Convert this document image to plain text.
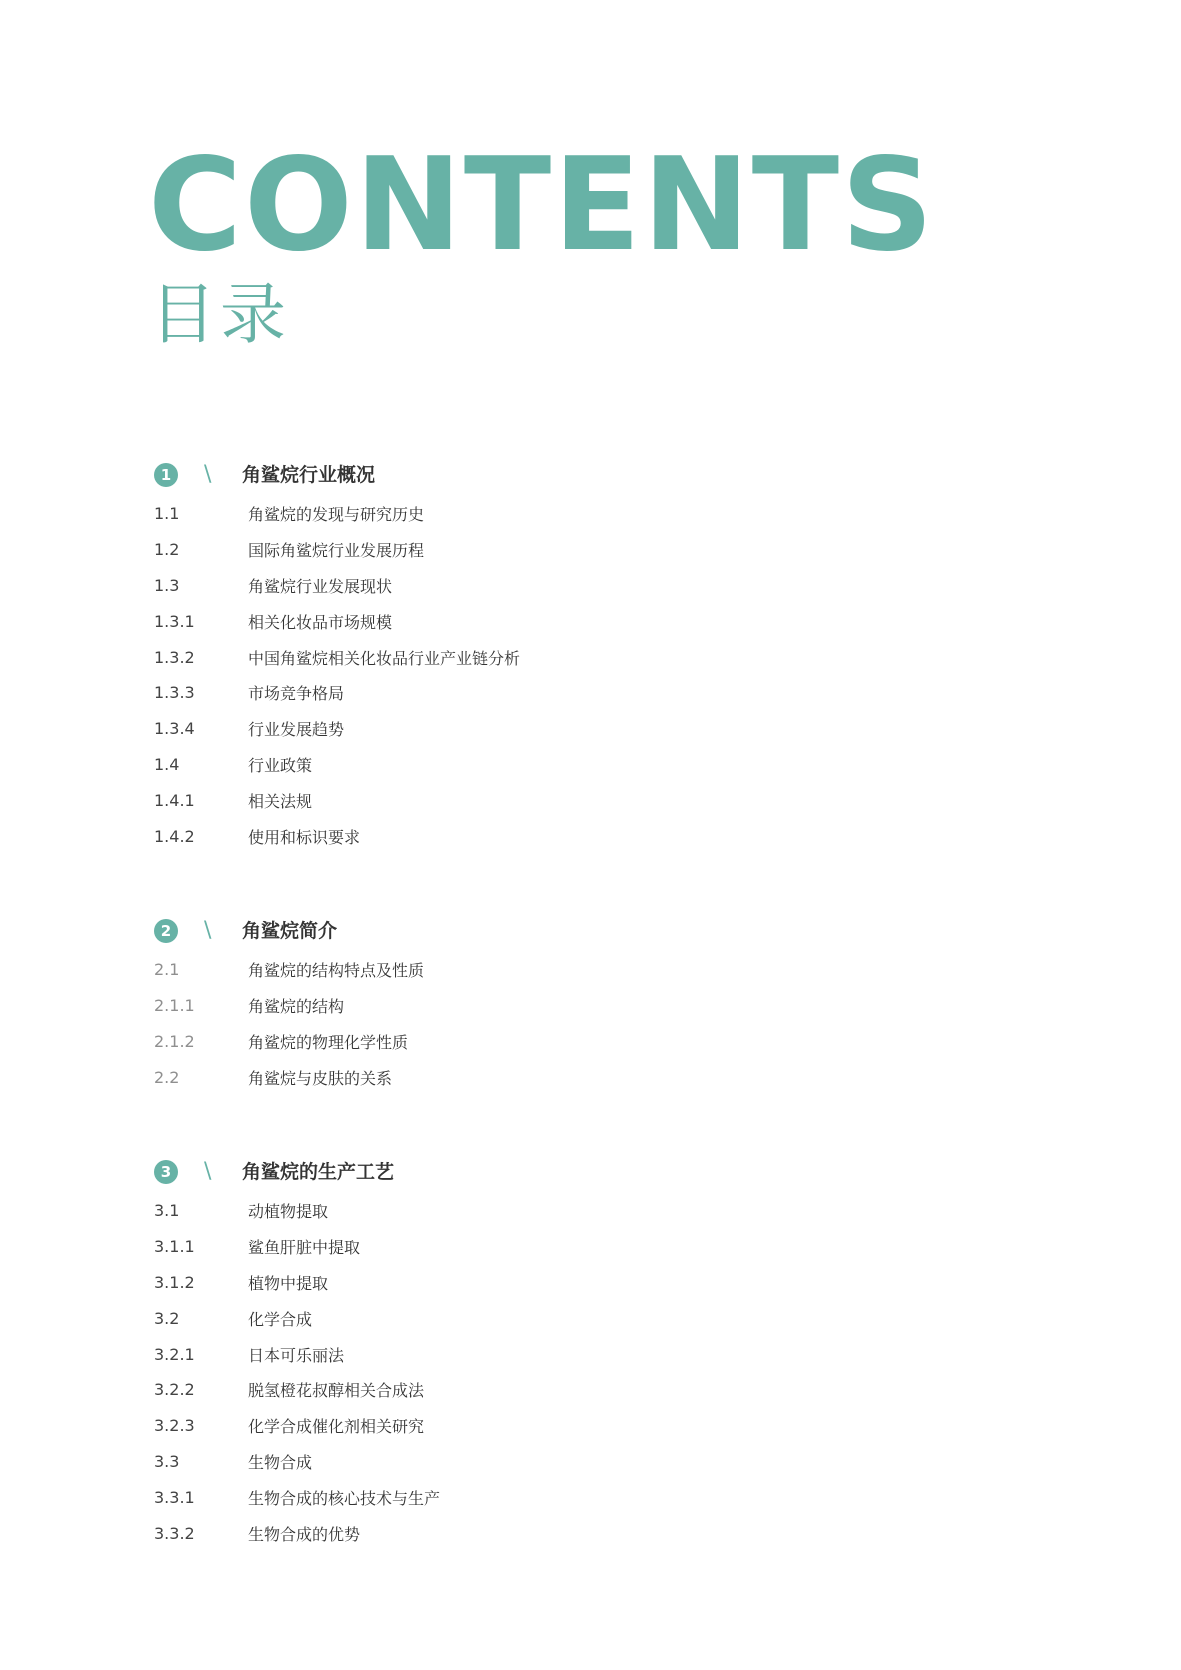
CONTENTS
目录
1	\	角鲨烷行业概况
1.1	角鲨烷的发现与研究历史
1.2	国际角鲨烷行业发展历程
1.3	角鲨烷行业发展现状
1.3.1	相关化妆品市场规模
1.3.2	中国角鲨烷相关化妆品行业产业链分析
1.3.3	市场竞争格局
1.3.4	行业发展趋势
1.4	行业政策
1.4.1	相关法规
1.4.2	使用和标识要求
2	\	角鲨烷简介
2.1	角鲨烷的结构特点及性质
2.1.1	角鲨烷的结构
2.1.2	角鲨烷的物理化学性质
2.2	角鲨烷与皮肤的关系
3	\	角鲨烷的生产工艺
3.1	动植物提取
3.1.1	鲨鱼肝脏中提取
3.1.2	植物中提取
3.2	化学合成
3.2.1	日本可乐丽法
3.2.2	脱氢橙花叔醇相关合成法
3.2.3	化学合成催化剂相关研究
3.3	生物合成
3.3.1	生物合成的核心技术与生产
3.3.2	生物合成的优势
